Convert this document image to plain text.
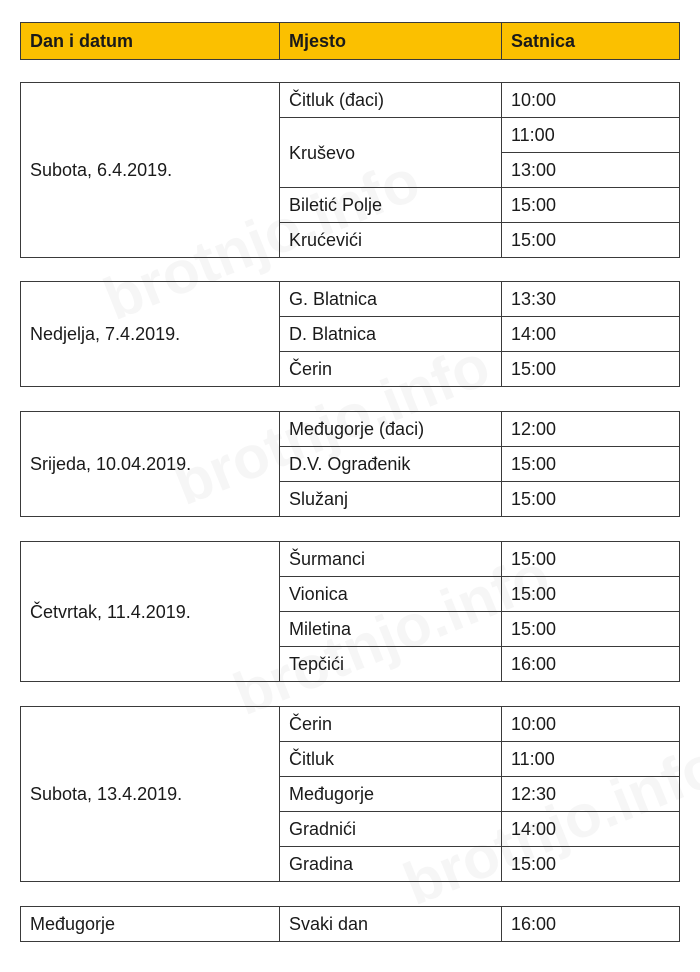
Dan i datum	Mjesto	Satnica
Subota, 6.4.2019.	Čitluk (đaci)	10:00
	Kruševo	11:00
		13:00
	Biletić Polje	15:00
	Krućevići	15:00
Nedjelja, 7.4.2019.	G. Blatnica	13:30
	D. Blatnica	14:00
	Čerin	15:00
Srijeda, 10.04.2019.	Međugorje (đaci)	12:00
	D.V. Ograđenik	15:00
	Služanj	15:00
Četvrtak, 11.4.2019.	Šurmanci	15:00
	Vionica	15:00
	Miletina	15:00
	Tepčići	16:00
Subota, 13.4.2019.	Čerin	10:00
	Čitluk	11:00
	Međugorje	12:30
	Gradnići	14:00
	Gradina	15:00
Međugorje	Svaki dan	16:00
